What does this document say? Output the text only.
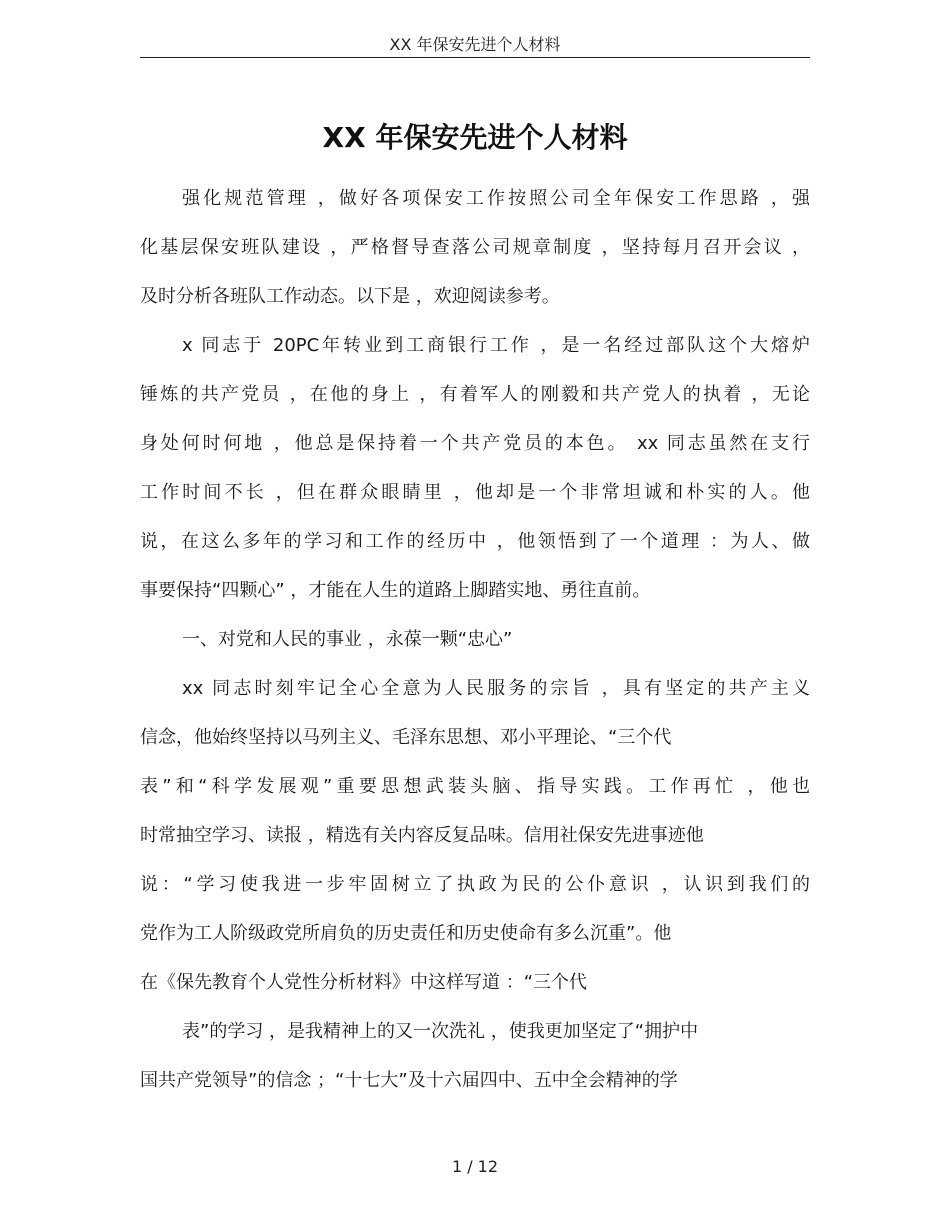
XX 年保安先进个人材料
XX 年保安先进个人材料
强化规范管理 ，做好各项保安工作按照公司全年保安工作思路 ，强
化基层保安班队建设 ，严格督导查落公司规章制度 ，坚持每月召开会议 ，
及时分析各班队工作动态。以下是 ，欢迎阅读参考。
x 同志于 20PC年转业到工商银行工作 ，是一名经过部队这个大熔炉
锤炼的共产党员 ，在他的身上 ，有着军人的刚毅和共产党人的执着 ，无论
身处何时何地 ，他总是保持着一个共产党员的本色。 xx 同志虽然在支行
工作时间不长 ，但在群众眼睛里 ，他却是一个非常坦诚和朴实的人。他
说，在这么多年的学习和工作的经历中 ，他领悟到了一个道理 ：为人、做
事要保持“四颗心” ，才能在人生的道路上脚踏实地、勇往直前。
一、对党和人民的事业 ，永葆一颗“忠心”
xx 同志时刻牢记全心全意为人民服务的宗旨 ，具有坚定的共产主义
信念，他始终坚持以马列主义、毛泽东思想、邓小平理论、“三个代
表”和“科学发展观”重要思想武装头脑、指导实践。工作再忙 ，他也
时常抽空学习、读报 ，精选有关内容反复品味。信用社保安先进事迹他
说：“学习使我进一步牢固树立了执政为民的公仆意识 ，认识到我们的
党作为工人阶级政党所肩负的历史责任和历史使命有多么沉重”。他
在《保先教育个人党性分析材料》中这样写道 ：“三个代
表”的学习 ，是我精神上的又一次洗礼 ，使我更加坚定了“拥护中
国共产党领导”的信念 ；“十七大”及十六届四中、五中全会精神的学
1 / 12
